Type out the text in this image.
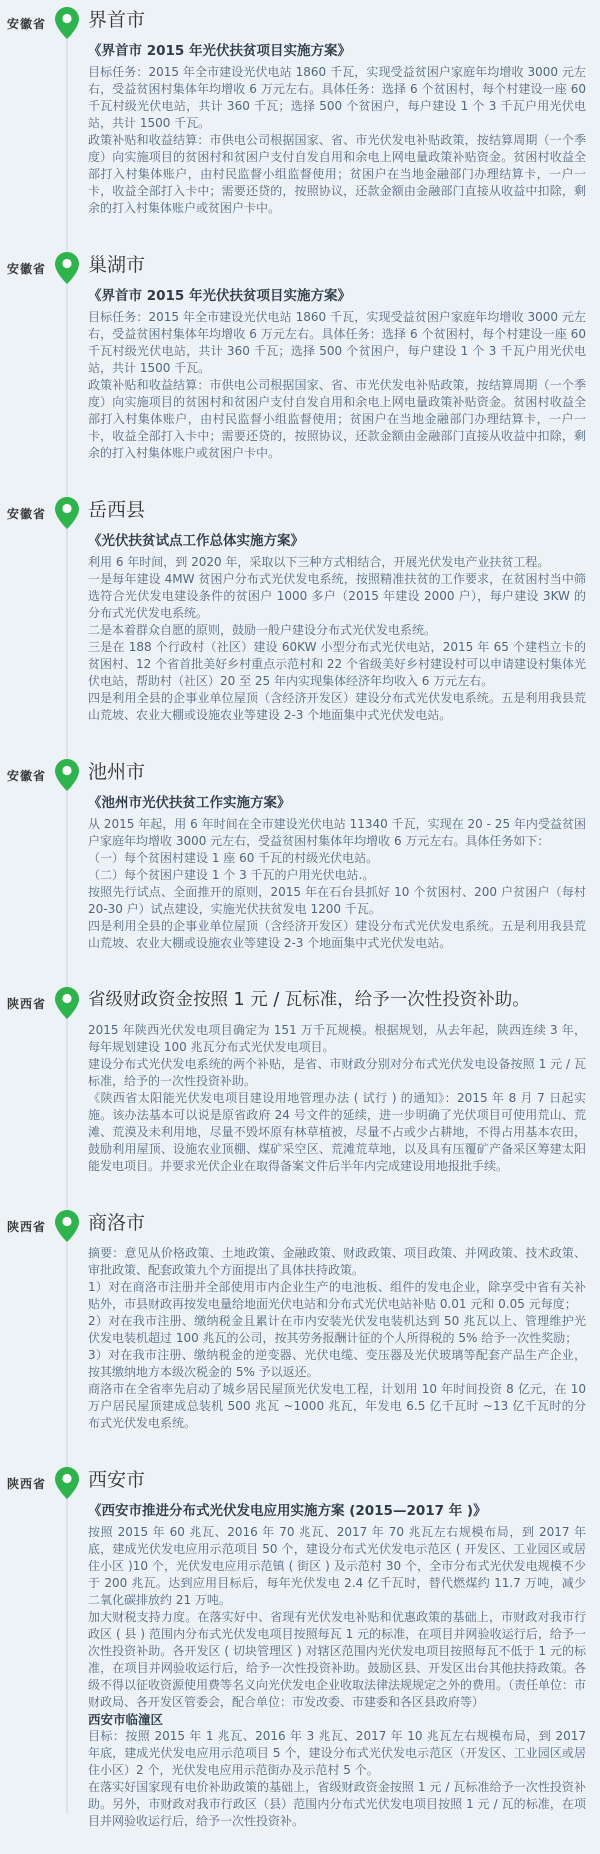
安徽省 界首市
《界首市 2015 年光伏扶贫项目实施方案》

目标任务：2015 年全市建设光伏电站 1860 千瓦，实现受益贫困户家庭年均增收 3000 元左右，受益贫困村集体年均增收 6 万元左右。具体任务：选择 6 个贫困村，每个村建设一座 60 千瓦村级光伏电站，共计 360 千瓦；选择 500 个贫困户，每户建设 1 个 3 千瓦户用光伏电站，共计 1500 千瓦。

政策补贴和收益结算：市供电公司根据国家、省、市光伏发电补贴政策，按结算周期（一个季度）向实施项目的贫困村和贫困户支付自发自用和余电上网电量政策补贴资金。贫困村收益全部打入村集体账户，由村民监督小组监督使用；贫困户在当地金融部门办理结算卡，一户一卡，收益全部打入卡中；需要还贷的，按照协议，还款金额由金融部门直接从收益中扣除，剩余的打入村集体账户或贫困户卡中。

安徽省 巢湖市
《界首市 2015 年光伏扶贫项目实施方案》

目标任务：2015 年全市建设光伏电站 1860 千瓦，实现受益贫困户家庭年均增收 3000 元左右，受益贫困村集体年均增收 6 万元左右。具体任务：选择 6 个贫困村，每个村建设一座 60 千瓦村级光伏电站，共计 360 千瓦；选择 500 个贫困户，每户建设 1 个 3 千瓦户用光伏电站，共计 1500 千瓦。

政策补贴和收益结算：市供电公司根据国家、省、市光伏发电补贴政策，按结算周期（一个季度）向实施项目的贫困村和贫困户支付自发自用和余电上网电量政策补贴资金。贫困村收益全部打入村集体账户，由村民监督小组监督使用；贫困户在当地金融部门办理结算卡，一户一卡，收益全部打入卡中；需要还贷的，按照协议，还款金额由金融部门直接从收益中扣除，剩余的打入村集体账户或贫困户卡中。

安徽省 岳西县
《光伏扶贫试点工作总体实施方案》

利用 6 年时间，到 2020 年，采取以下三种方式相结合，开展光伏发电产业扶贫工程。

一是每年建设 4MW 贫困户分布式光伏发电系统，按照精准扶贫的工作要求，在贫困村当中筛选符合光伏发电建设条件的贫困户 1000 多户（2015 年建设 2000 户），每户建设 3KW 的分布式光伏发电系统。

二是本着群众自愿的原则，鼓励一般户建设分布式光伏发电系统。

三是在 188 个行政村（社区）建设 60KW 小型分布式光伏电站，2015 年 65 个建档立卡的贫困村、12 个省首批美好乡村重点示范村和 22 个省级美好乡村建设村可以申请建设村集体光伏电站，帮助村（社区）20 至 25 年内实现集体经济年均收入 6 万元左右。

四是利用全县的企事业单位屋顶（含经济开发区）建设分布式光伏发电系统。五是利用我县荒山荒坡、农业大棚或设施农业等建设 2-3 个地面集中式光伏发电站。

安徽省 池州市
《池州市光伏扶贫工作实施方案》

从 2015 年起，用 6 年时间在全市建设光伏电站 11340 千瓦，实现在 20 - 25 年内受益贫困户家庭年均增收 3000 元左右，受益贫困村集体年均增收 6 万元左右。具体任务如下：

（一）每个贫困村建设 1 座 60 千瓦的村级光伏电站。

（二）每个贫困户建设 1 个 3 千瓦的户用光伏电站.。

按照先行试点、全面推开的原则，2015 年在石台县抓好 10 个贫困村、200 户贫困户（每村 20-30 户）试点建设，实施光伏扶贫发电 1200 千瓦。

四是利用全县的企事业单位屋顶（含经济开发区）建设分布式光伏发电系统。五是利用我县荒山荒坡、农业大棚或设施农业等建设 2-3 个地面集中式光伏发电站。

陕西省 省级财政资金按照 1 元 / 瓦标准，给予一次性投资补助。

2015 年陕西光伏发电项目确定为 151 万千瓦规模。根据规划，从去年起，陕西连续 3 年，每年规划建设 100 兆瓦分布式光伏发电项目。

建设分布式光伏发电系统的两个补贴，是省、市财政分别对分布式光伏发电设备按照 1 元 / 瓦标准，给予的一次性投资补助。

《陕西省太阳能光伏发电项目建设用地管理办法 ( 试行 ) 的通知》：2015 年 8 月 7 日起实施。该办法基本可以说是原省政府 24 号文件的延续，进一步明确了光伏项目可使用荒山、荒滩、荒漠及未利用地，尽量不毁坏原有林草植被，尽量不占或少占耕地，不得占用基本农田，鼓励利用屋顶、设施农业顶棚、煤矿采空区、荒滩荒草地，以及具有压覆矿产备采区筹建太阳能发电项目。并要求光伏企业在取得备案文件后半年内完成建设用地报批手续。

陕西省 商洛市

摘要：意见从价格政策、土地政策、金融政策、财政政策、项目政策、并网政策、技术政策、审批政策、配套政策九个方面提出了具体扶持政策。

1）对在商洛市注册并全部使用市内企业生产的电池板、组件的发电企业，除享受中省有关补贴外，市县财政再按发电量给地面光伏电站和分布式光伏电站补贴 0.01 元和 0.05 元每度；

2）对在我市注册、缴纳税金且累计在市内安装光伏发电装机达到 50 兆瓦以上、管理维护光伏发电装机超过 100 兆瓦的公司，按其劳务报酬计征的个人所得税的 5% 给予一次性奖励；

3）对在我市注册、缴纳税金的逆变器、光伏电缆、变压器及光伏玻璃等配套产品生产企业，按其缴纳地方本级次税金的 5% 予以返还。

商洛市在全省率先启动了城乡居民屋顶光伏发电工程，计划用 10 年时间投资 8 亿元，在 10 万户居民屋顶建成总装机 500 兆瓦 ~1000 兆瓦，年发电 6.5 亿千瓦时 ~13 亿千瓦时的分布式光伏发电系统。

陕西省 西安市
《西安市推进分布式光伏发电应用实施方案 (2015—2017 年 )》

按照 2015 年 60 兆瓦、2016 年 70 兆瓦、2017 年 70 兆瓦左右规模布局，到 2017 年底，建成光伏发电应用示范项目 50 个，建设分布式光伏发电示范区 ( 开发区、工业园区或居住小区 )10 个，光伏发电应用示范镇 ( 街区 ) 及示范村 30 个，全市分布式光伏发电规模不少于 200 兆瓦。达到应用目标后，每年光伏发电 2.4 亿千瓦时，替代燃煤约 11.7 万吨，减少二氧化碳排放约 21 万吨。

加大财税支持力度。在落实好中、省现有光伏发电补贴和优惠政策的基础上，市财政对我市行政区 ( 县 ) 范围内分布式光伏发电项目按照每瓦 1 元的标准，在项目并网验收运行后，给予一次性投资补助。各开发区 ( 切块管理区 ) 对辖区范围内光伏发电项目按照每瓦不低于 1 元的标准，在项目并网验收运行后，给予一次性投资补助。鼓励区县、开发区出台其他扶持政策。各级不得以征收资源使用费等名义向光伏发电企业收取法律法规规定之外的费用。（责任单位：市财政局、各开发区管委会，配合单位：市发改委、市建委和各区县政府等）

西安市临潼区

目标：按照 2015 年 1 兆瓦、2016 年 3 兆瓦、2017 年 10 兆瓦左右规模布局，到 2017 年底，建成光伏发电应用示范项目 5 个，建设分布式光伏发电示范区（开发区、工业园区或居住小区）2 个，光伏发电应用示范街办及示范村 5 个。

在落实好国家现有电价补助政策的基础上，省级财政资金按照 1 元 / 瓦标准给予一次性投资补助。另外，市财政对我市行政区（县）范围内分布式光伏发电项目按照 1 元 / 瓦的标准，在项目并网验收运行后，给予一次性投资补。
